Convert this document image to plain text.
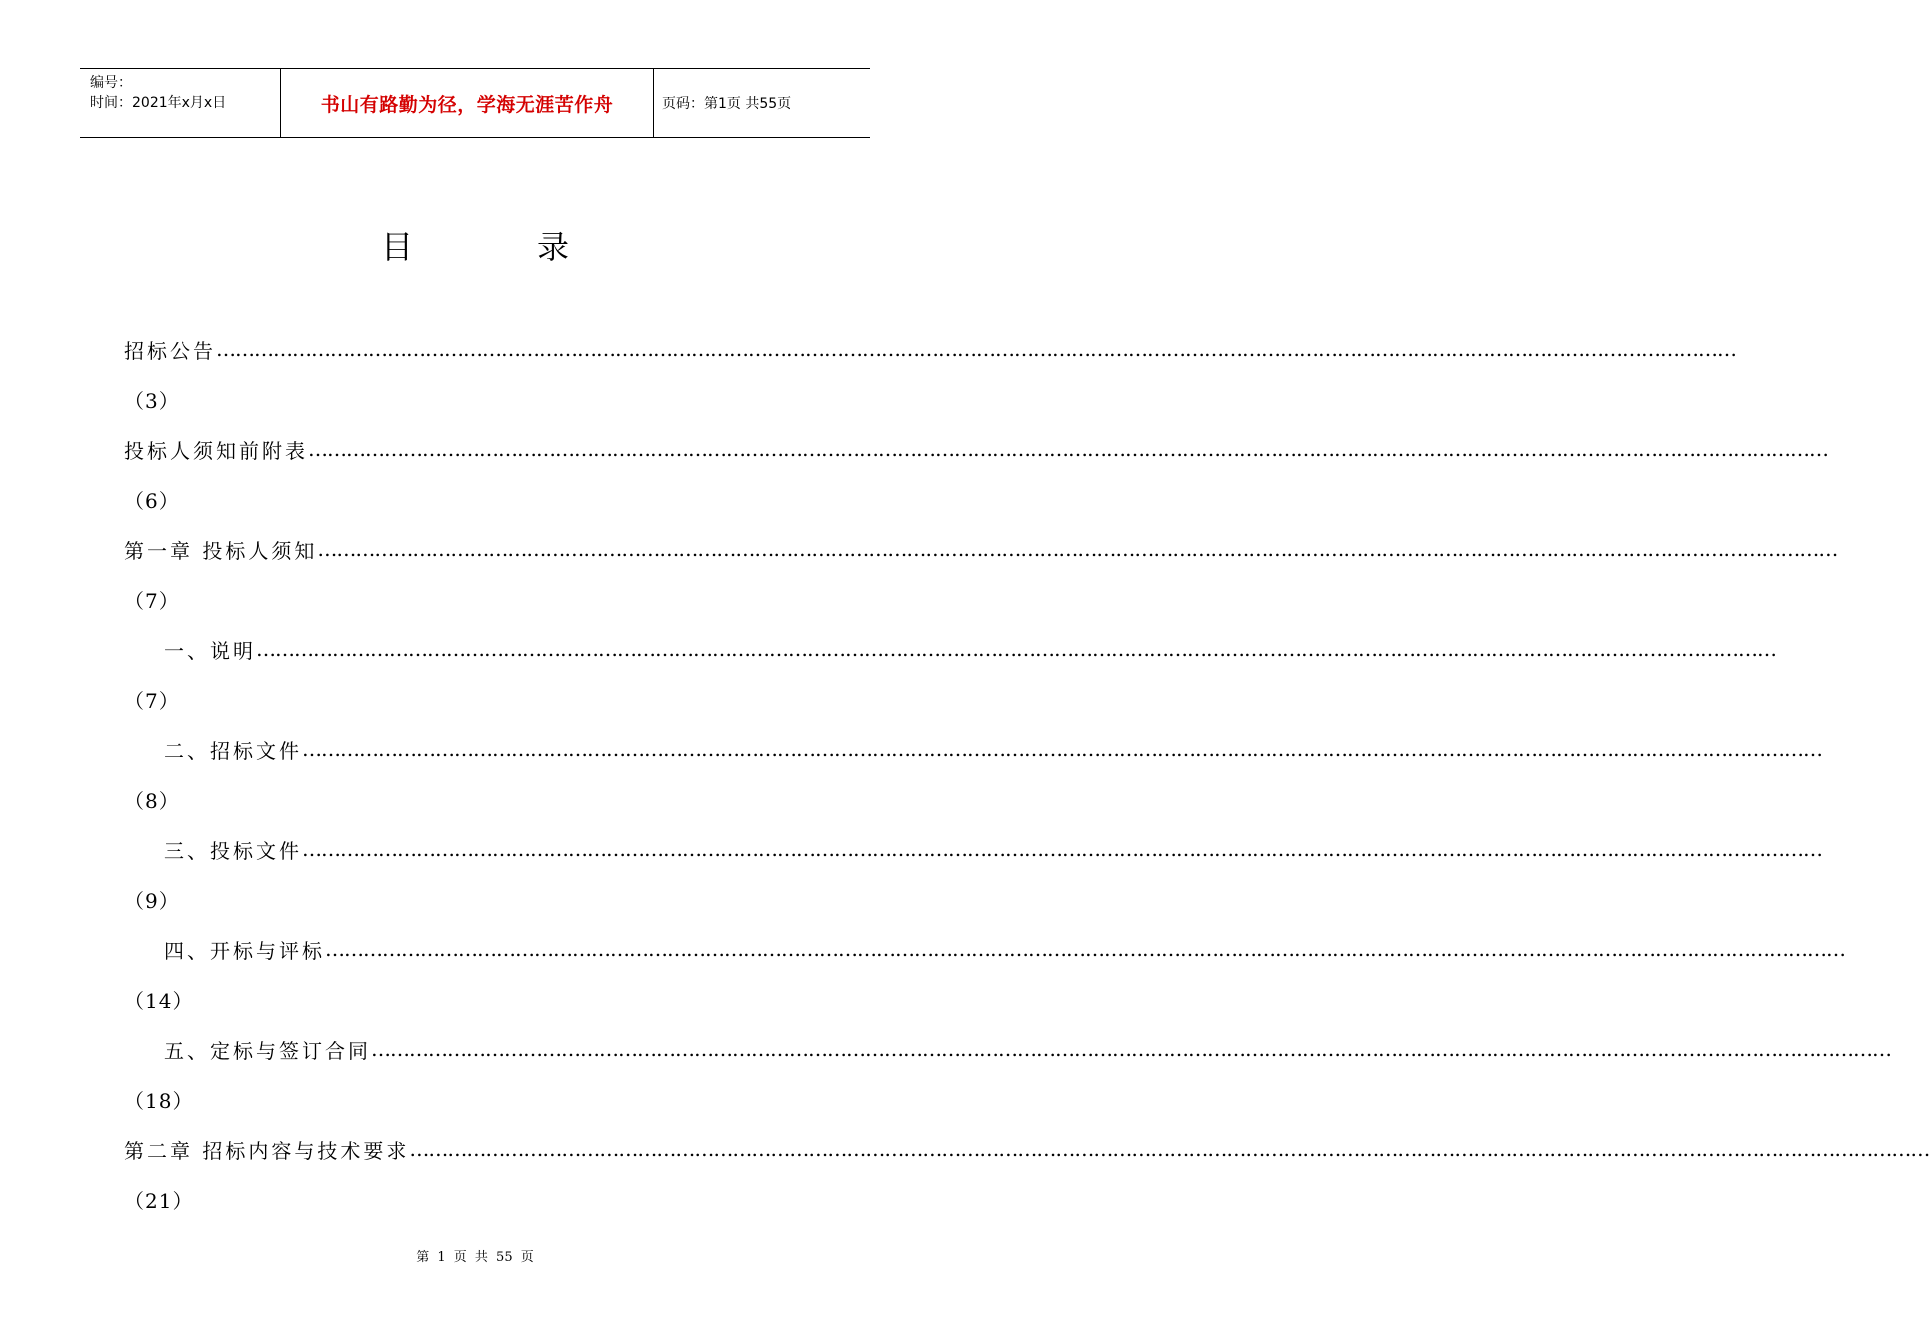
编号：
时间：2021年x月x日	书山有路勤为径，学海无涯苦作舟	页码：第1页 共55页
目录
招标公告 ……………………………………………………………………………………………………………………………………………………………………………………………………………………
（3）
投标人须知前附表 ……………………………………………………………………………………………………………………………………………………………………………………………………………………
（6）
第一章 投标人须知 ……………………………………………………………………………………………………………………………………………………………………………………………………………………
（7）
一、说明 ……………………………………………………………………………………………………………………………………………………………………………………………………………………
（7）
二、招标文件 ……………………………………………………………………………………………………………………………………………………………………………………………………………………
（8）
三、投标文件 ……………………………………………………………………………………………………………………………………………………………………………………………………………………
（9）
四、开标与评标 ……………………………………………………………………………………………………………………………………………………………………………………………………………………
（14）
五、定标与签订合同 ……………………………………………………………………………………………………………………………………………………………………………………………………………………
（18）
第二章 招标内容与技术要求 ……………………………………………………………………………………………………………………………………………………………………………………………………………………
（21）
第 1 页 共 55 页
